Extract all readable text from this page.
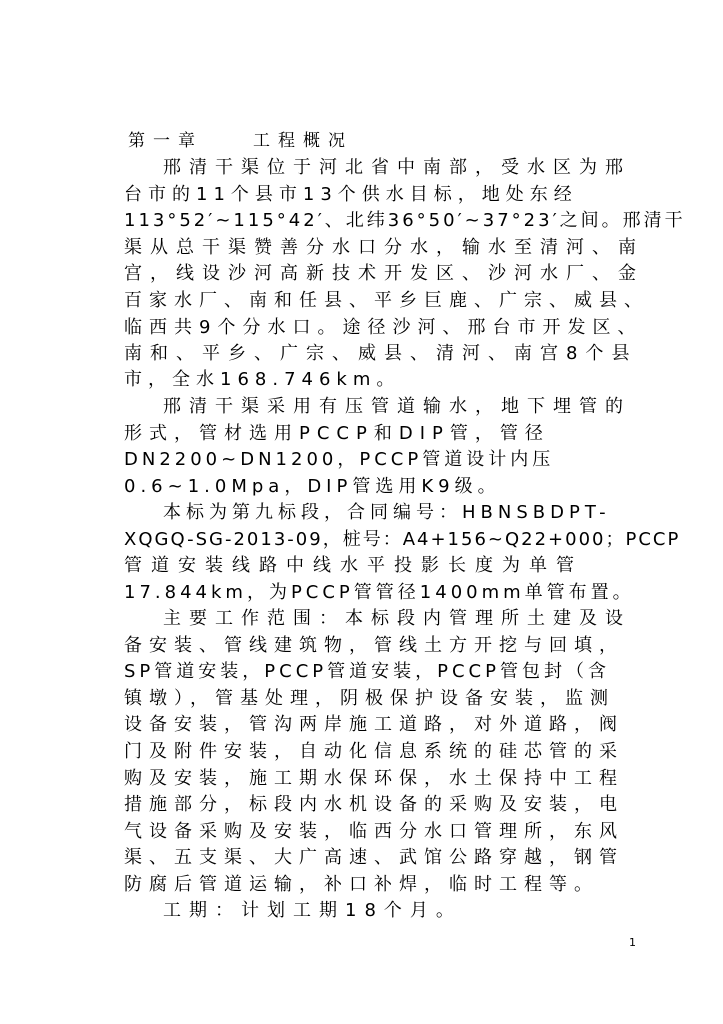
第一章	工程概况
邢清干渠位于河北省中南部，受水区为邢
台市的11个县市13个供水目标，地处东经
113°52′~115°42′、北纬36°50′~37°23′之间。邢清干
渠从总干渠赞善分水口分水，输水至清河、南
宫，线设沙河高新技术开发区、沙河水厂、金
百家水厂、南和任县、平乡巨鹿、广宗、威县、
临西共9个分水口。途径沙河、邢台市开发区、
南和、平乡、广宗、威县、清河、南宫8个县
市，全水168.746km。
邢清干渠采用有压管道输水，地下埋管的
形式，管材选用PCCP和DIP管，管径
DN2200~DN1200，PCCP管道设计内压
0.6~1.0Mpa，DIP管选用K9级。
本标为第九标段，合同编号：HBNSBDPT-
XQGQ-SG-2013-09，桩号：A4+156~Q22+000；PCCP
管道安装线路中线水平投影长度为单管
17.844km，为PCCP管管径1400mm单管布置。
主要工作范围：本标段内管理所土建及设
备安装、管线建筑物，管线土方开挖与回填，
SP管道安装，PCCP管道安装，PCCP管包封（含
镇墩），管基处理，阴极保护设备安装，监测
设备安装，管沟两岸施工道路，对外道路，阀
门及附件安装，自动化信息系统的硅芯管的采
购及安装，施工期水保环保，水土保持中工程
措施部分，标段内水机设备的采购及安装，电
气设备采购及安装，临西分水口管理所，东风
渠、五支渠、大广高速、武馆公路穿越，钢管
防腐后管道运输，补口补焊，临时工程等。
工期：计划工期18个月。
1
